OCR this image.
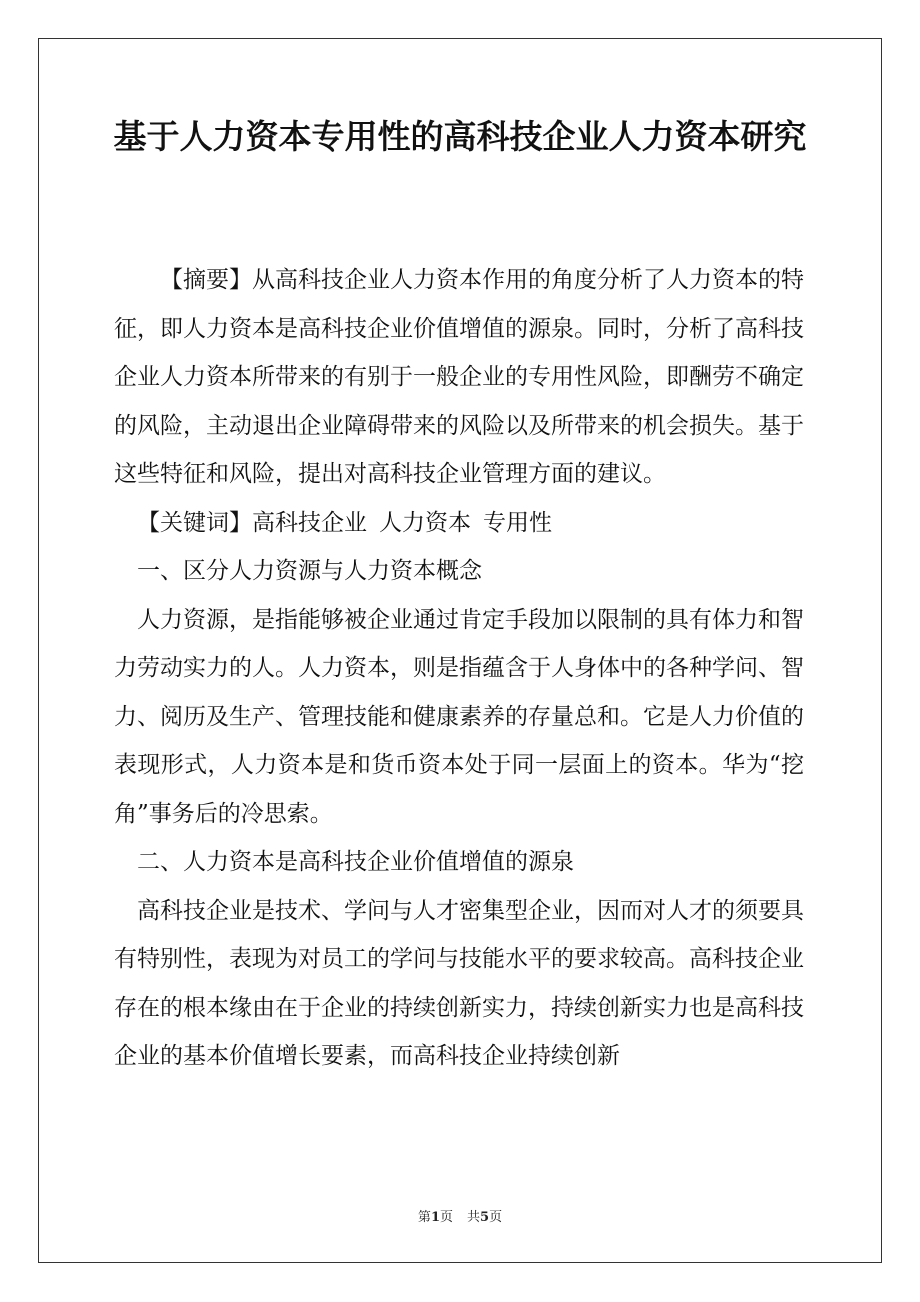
基于人力资本专用性的高科技企业人力资本研究

【摘要】从高科技企业人力资本作用的角度分析了人力资本的特征，即人力资本是高科技企业价值增值的源泉。同时，分析了高科技企业人力资本所带来的有别于一般企业的专用性风险，即酬劳不确定的风险，主动退出企业障碍带来的风险以及所带来的机会损失。基于这些特征和风险，提出对高科技企业管理方面的建议。

【关键词】高科技企业 人力资本 专用性

一、区分人力资源与人力资本概念

人力资源，是指能够被企业通过肯定手段加以限制的具有体力和智力劳动实力的人。人力资本，则是指蕴含于人身体中的各种学问、智力、阅历及生产、管理技能和健康素养的存量总和。它是人力价值的表现形式，人力资本是和货币资本处于同一层面上的资本。华为“挖角”事务后的冷思索。

二、人力资本是高科技企业价值增值的源泉

高科技企业是技术、学问与人才密集型企业，因而对人才的须要具有特别性，表现为对员工的学问与技能水平的要求较高。高科技企业存在的根本缘由在于企业的持续创新实力，持续创新实力也是高科技企业的基本价值增长要素，而高科技企业持续创新

第1页 共5页
